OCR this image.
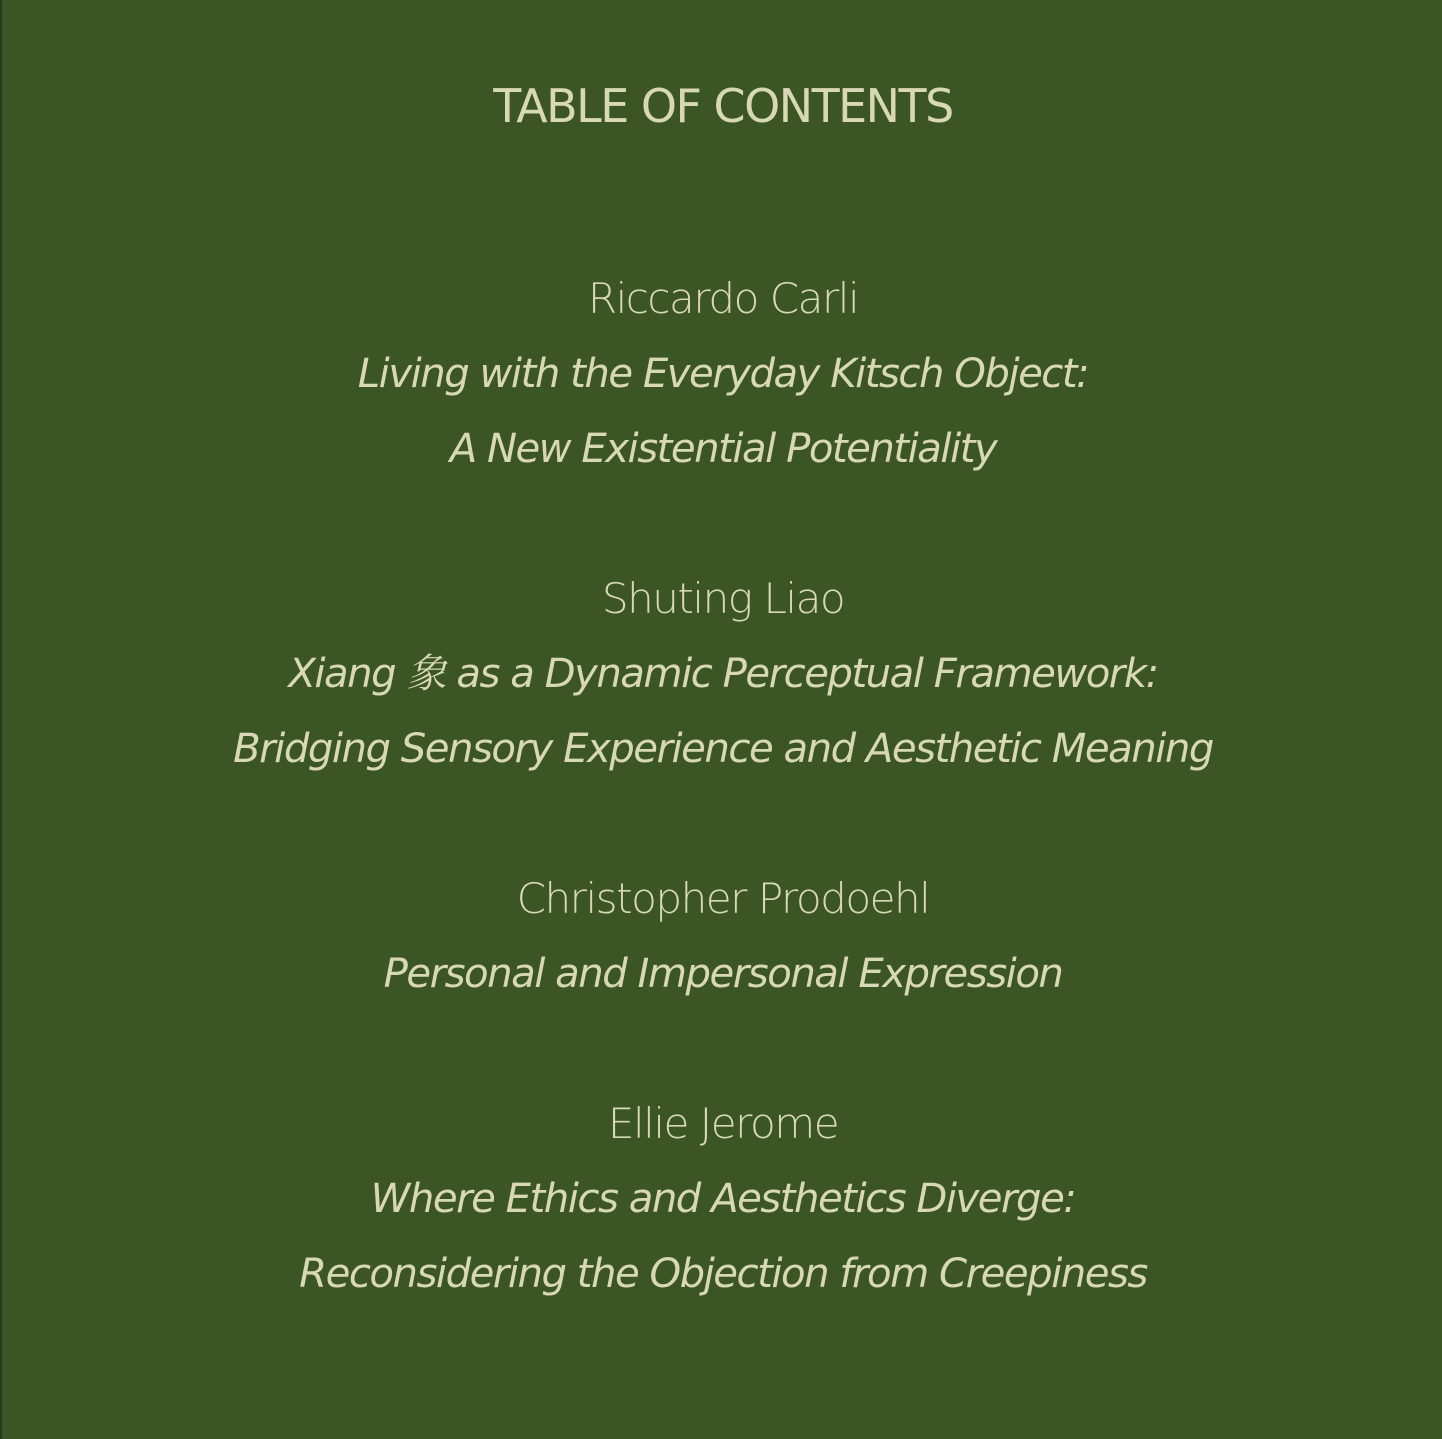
TABLE OF CONTENTS
Riccardo Carli
Living with the Everyday Kitsch Object:
A New Existential Potentiality
Shuting Liao
Xiang 象 as a Dynamic Perceptual Framework:
Bridging Sensory Experience and Aesthetic Meaning
Christopher Prodoehl
Personal and Impersonal Expression
Ellie Jerome
Where Ethics and Aesthetics Diverge:
Reconsidering the Objection from Creepiness
